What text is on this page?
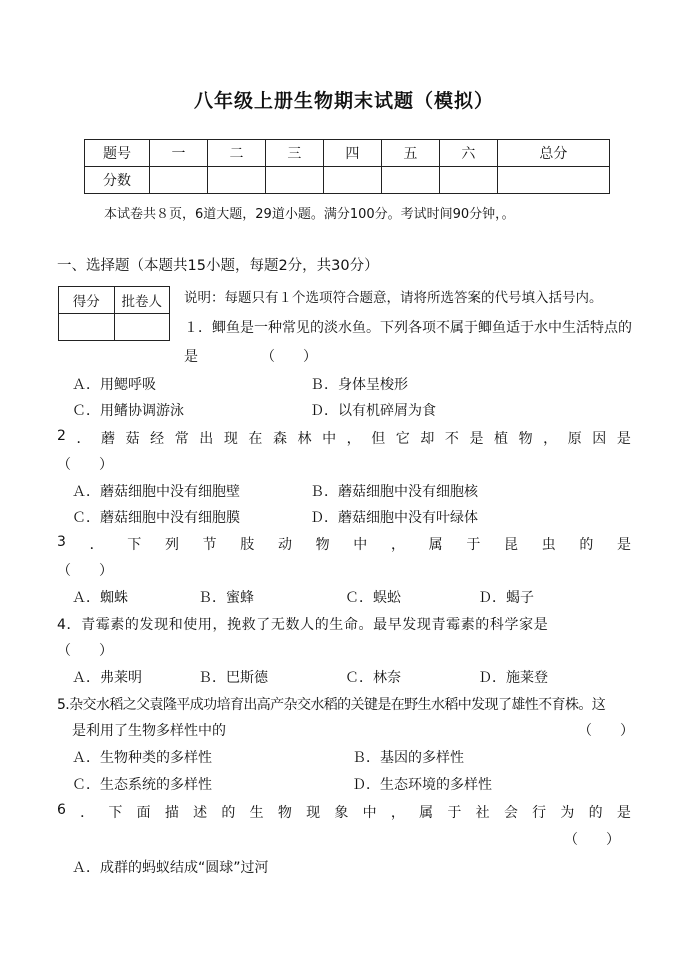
八年级上册生物期末试题（模拟）
题号	一	二	三	四	五	六	总分
分数							
本试卷共８页，6道大题，29道小题。满分100分。考试时间90分钟，。
一、选择题（本题共15小题，每题2分，共30分）
得分	批卷人
	说明：每题只有１个选项符合题意，请将所选答案的代号填入括号内。
１．鲫鱼是一种常见的淡水鱼。下列各项不属于鲫鱼适于水中生活特点的
是　　　　　（　　）
Ａ．用鳃呼吸	Ｂ．身体呈梭形
Ｃ．用鳍协调游泳	Ｄ．以有机碎屑为食
2 ． 蘑 菇 经 常 出 现 在 森 林 中 ， 但 它 却 不 是 植 物 ， 原 因 是
（　　）
Ａ．蘑菇细胞中没有细胞壁	Ｂ．蘑菇细胞中没有细胞核
Ｃ．蘑菇细胞中没有细胞膜	Ｄ．蘑菇细胞中没有叶绿体
3 ． 下 列 节 肢 动 物 中 ， 属 于 昆 虫 的 是
（　　）
Ａ．蜘蛛	Ｂ．蜜蜂	Ｃ．蜈蚣	Ｄ．蝎子
4．青霉素的发现和使用，挽救了无数人的生命。最早发现青霉素的科学家是
（　　）
Ａ．弗莱明	Ｂ．巴斯德	Ｃ．林奈	Ｄ．施莱登
5.杂交水稻之父袁隆平成功培育出高产杂交水稻的关键是在野生水稻中发现了雄性不育株。这
是利用了生物多样性中的	（　　）
Ａ．生物种类的多样性	Ｂ．基因的多样性
Ｃ．生态系统的多样性	Ｄ．生态环境的多样性
6 ． 下 面 描 述 的 生 物 现 象 中 ， 属 于 社 会 行 为 的 是
（　　）
Ａ．成群的蚂蚁结成“圆球”过河
